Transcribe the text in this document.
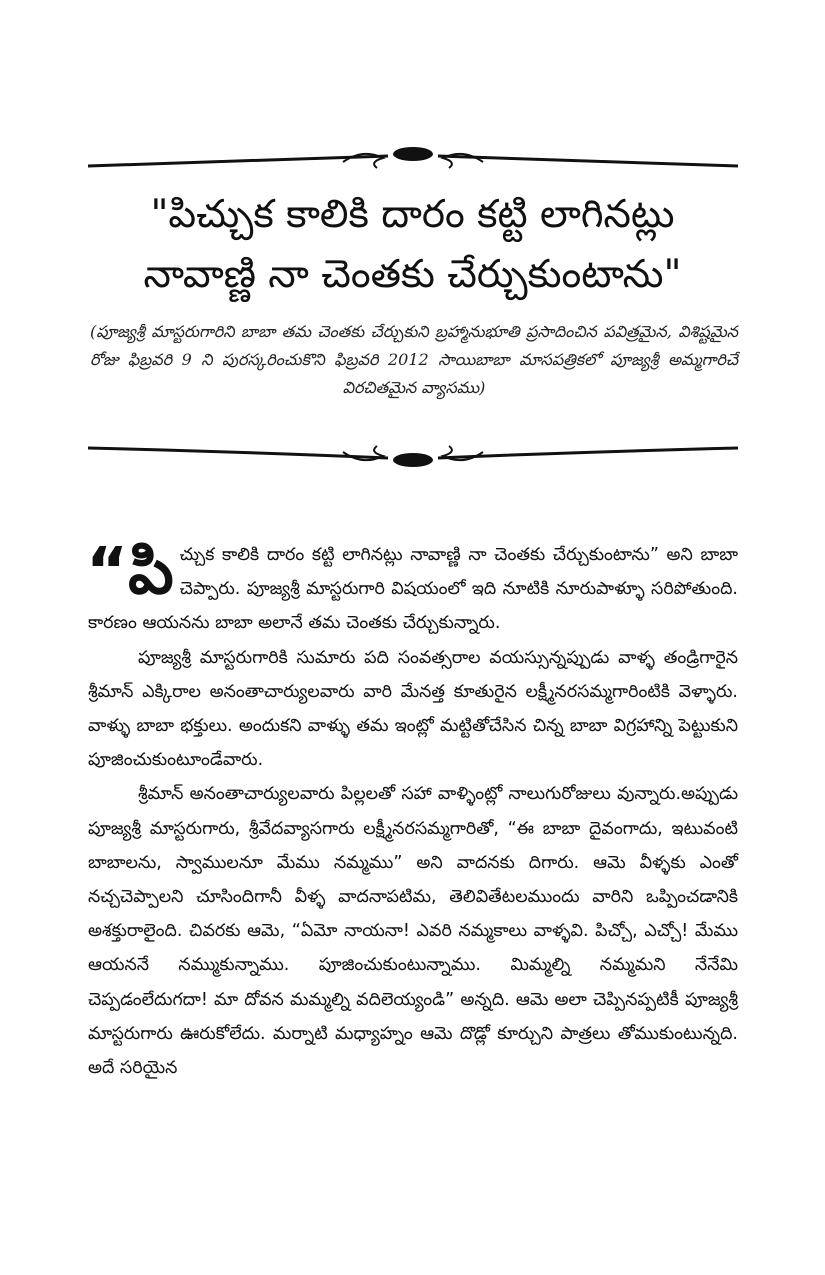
"పిచ్చుక కాలికి దారం కట్టి లాగినట్లు
నావాణ్ణి నా చెంతకు చేర్చుకుంటాను"

(పూజ్యశ్రీ మాస్టరుగారిని బాబా తమ చెంతకు చేర్చుకుని బ్రహ్మానుభూతి ప్రసాదించిన పవిత్రమైన, విశిష్టమైన రోజు ఫిబ్రవరి 9 ని పురస్కరించుకొని ఫిబ్రవరి 2012 సాయిబాబా మాసపత్రికలో పూజ్యశ్రీ అమ్మగారిచే విరచితమైన వ్యాసము)

“పిచ్చుక కాలికి దారం కట్టి లాగినట్లు నావాణ్ణి నా చెంతకు చేర్చుకుంటాను” అని బాబా చెప్పారు. పూజ్యశ్రీ మాస్టరుగారి విషయంలో ఇది నూటికి నూరుపాళ్ళూ సరిపోతుంది. కారణం ఆయనను బాబా అలానే తమ చెంతకు చేర్చుకున్నారు.

పూజ్యశ్రీ మాస్టరుగారికి సుమారు పది సంవత్సరాల వయస్సున్నప్పుడు వాళ్ళ తండ్రిగారైన శ్రీమాన్ ఎక్కిరాల అనంతాచార్యులవారు వారి మేనత్త కూతురైన లక్ష్మీనరసమ్మగారింటికి వెళ్ళారు. వాళ్ళు బాబా భక్తులు. అందుకని వాళ్ళు తమ ఇంట్లో మట్టితోచేసిన చిన్న బాబా విగ్రహాన్ని పెట్టుకుని పూజించుకుంటూండేవారు.

శ్రీమాన్ అనంతాచార్యులవారు పిల్లలతో సహా వాళ్ళింట్లో నాలుగురోజులు వున్నారు.అప్పుడు పూజ్యశ్రీ మాస్టరుగారు, శ్రీవేదవ్యాసగారు లక్ష్మీనరసమ్మగారితో, “ఈ బాబా దైవంగాదు, ఇటువంటి బాబాలను, స్వాములనూ మేము నమ్మము” అని వాదనకు దిగారు. ఆమె వీళ్ళకు ఎంతో నచ్చచెప్పాలని చూసిందిగానీ వీళ్ళ వాదనాపటిమ, తెలివితేటలముందు వారిని ఒప్పించడానికి అశక్తురాలైంది. చివరకు ఆమె, “ఏమో నాయనా! ఎవరి నమ్మకాలు వాళ్ళవి. పిచ్చో, ఎచ్చో! మేము ఆయననే నమ్ముకున్నాము. పూజించుకుంటున్నాము. మిమ్మల్ని నమ్మమని నేనేమి చెప్పడంలేదుగదా! మా దోవన మమ్మల్ని వదిలెయ్యండి” అన్నది. ఆమె అలా చెప్పినప్పటికీ పూజ్యశ్రీ మాస్టరుగారు ఊరుకోలేదు. మర్నాటి మధ్యాహ్నం ఆమె దొడ్లో కూర్చుని పాత్రలు తోముకుంటున్నది. అదే సరియైన
